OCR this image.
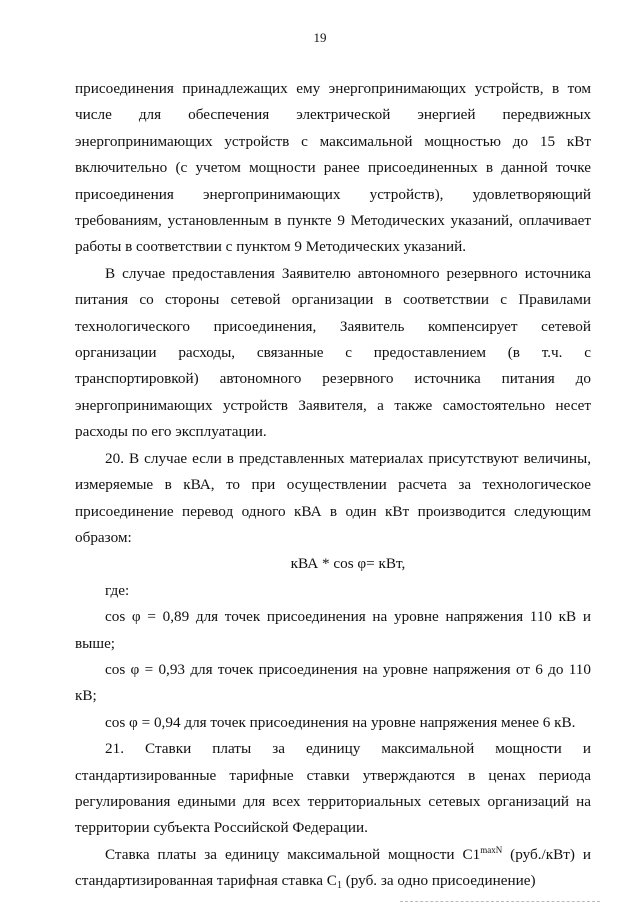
19

присоединения принадлежащих ему энергопринимающих устройств, в том числе для обеспечения электрической энергией передвижных энергопринимающих устройств с максимальной мощностью до 15 кВт включительно (с учетом мощности ранее присоединенных в данной точке присоединения энергопринимающих устройств), удовлетворяющий требованиям, установленным в пункте 9 Методических указаний, оплачивает работы в соответствии с пунктом 9 Методических указаний.

В случае предоставления Заявителю автономного резервного источника питания со стороны сетевой организации в соответствии с Правилами технологического присоединения, Заявитель компенсирует сетевой организации расходы, связанные с предоставлением (в т.ч. с транспортировкой) автономного резервного источника питания до энергопринимающих устройств Заявителя, а также самостоятельно несет расходы по его эксплуатации.

20. В случае если в представленных материалах присутствуют величины, измеряемые в кВА, то при осуществлении расчета за технологическое присоединение перевод одного кВА в один кВт производится следующим образом:

кВА * cos φ= кВт,

где:

cos φ = 0,89 для точек присоединения на уровне напряжения 110 кВ и выше;

cos φ = 0,93 для точек присоединения на уровне напряжения от 6 до 110 кВ;

cos φ = 0,94 для точек присоединения на уровне напряжения менее 6 кВ.

21. Ставки платы за единицу максимальной мощности и стандартизированные тарифные ставки утверждаются в ценах периода регулирования едиными для всех территориальных сетевых организаций на территории субъекта Российской Федерации.

Ставка платы за единицу максимальной мощности $С1^{maxN}$ (руб./кВт) и стандартизированная тарифная ставка $С_1$ (руб. за одно присоединение)
